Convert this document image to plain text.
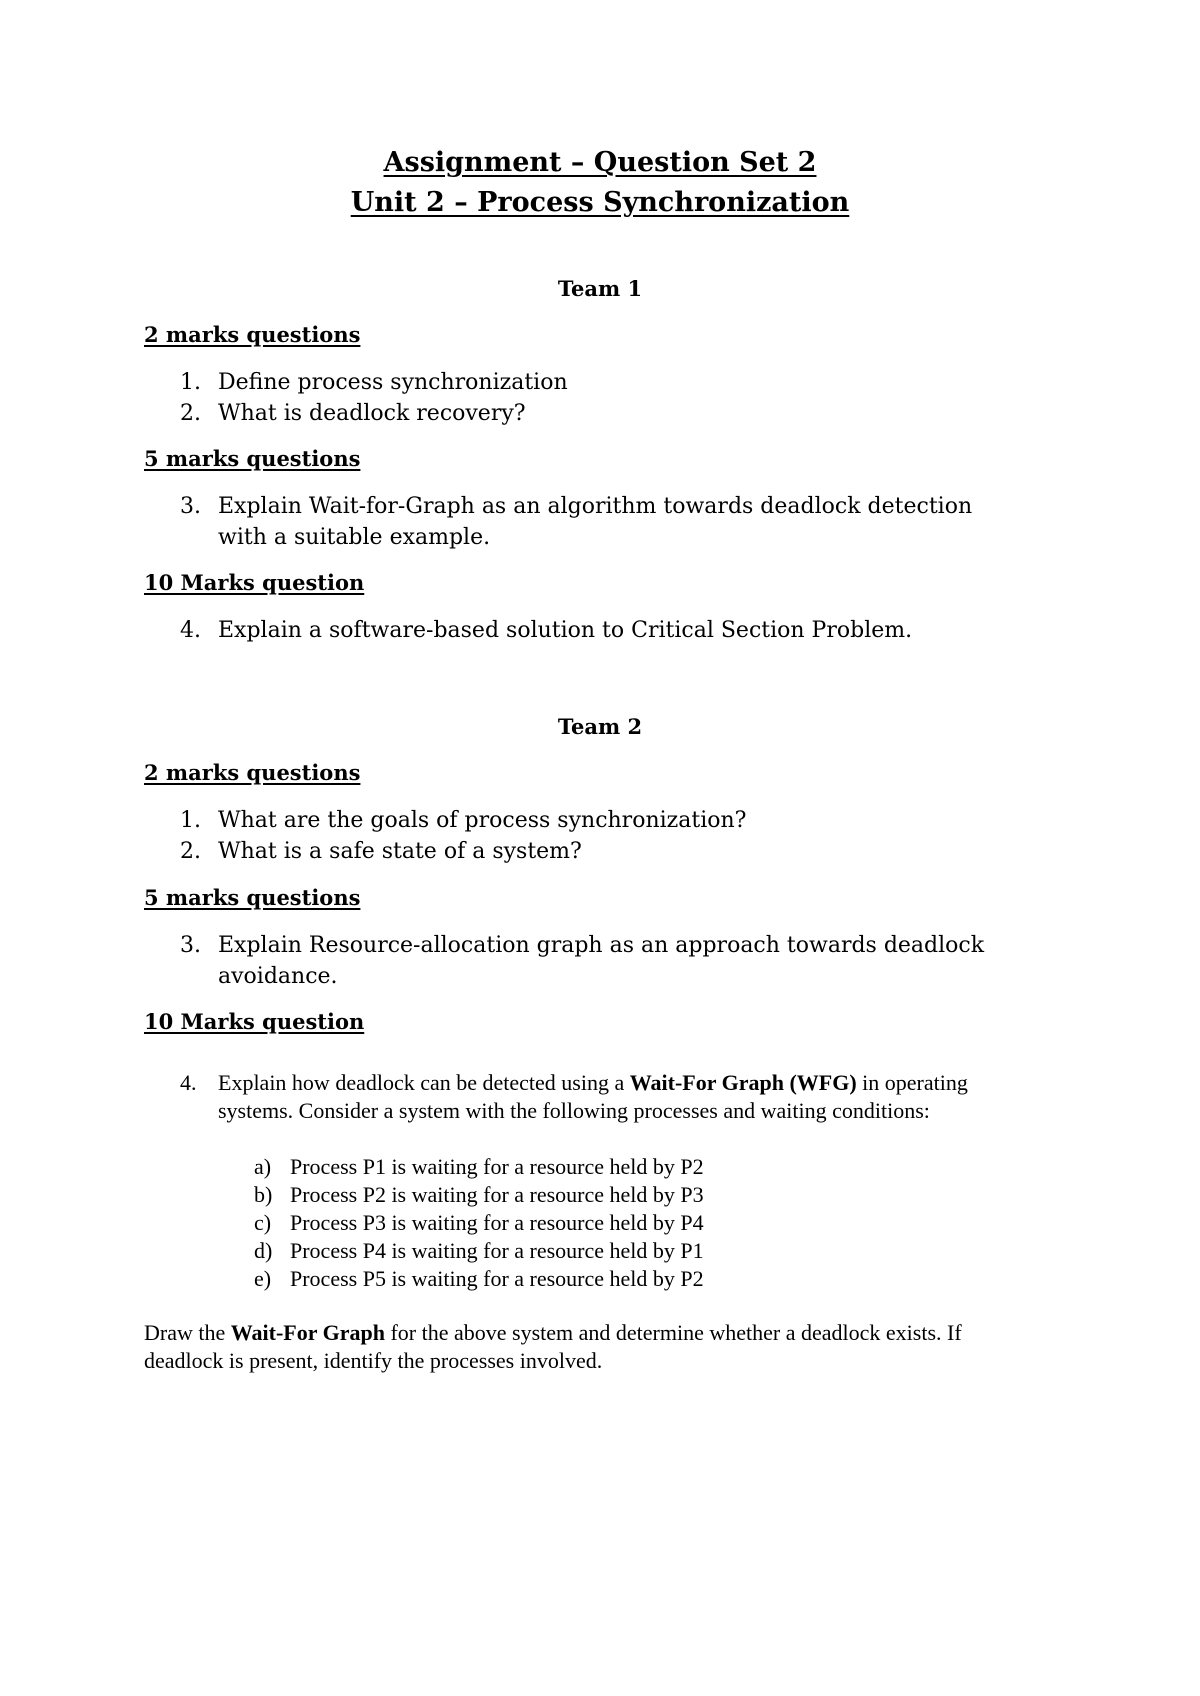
Assignment – Question Set 2
Unit 2 – Process Synchronization
Team 1
2 marks questions
1. Define process synchronization
2. What is deadlock recovery?
5 marks questions
3. Explain Wait-for-Graph as an algorithm towards deadlock detection
with a suitable example.
10 Marks question
4. Explain a software-based solution to Critical Section Problem.
Team 2
2 marks questions
1. What are the goals of process synchronization?
2. What is a safe state of a system?
5 marks questions
3. Explain Resource-allocation graph as an approach towards deadlock
avoidance.
10 Marks question
4. Explain how deadlock can be detected using a Wait-For Graph (WFG) in operating
systems. Consider a system with the following processes and waiting conditions:
a) Process P1 is waiting for a resource held by P2
b) Process P2 is waiting for a resource held by P3
c) Process P3 is waiting for a resource held by P4
d) Process P4 is waiting for a resource held by P1
e) Process P5 is waiting for a resource held by P2
Draw the Wait-For Graph for the above system and determine whether a deadlock exists. If
deadlock is present, identify the processes involved.
